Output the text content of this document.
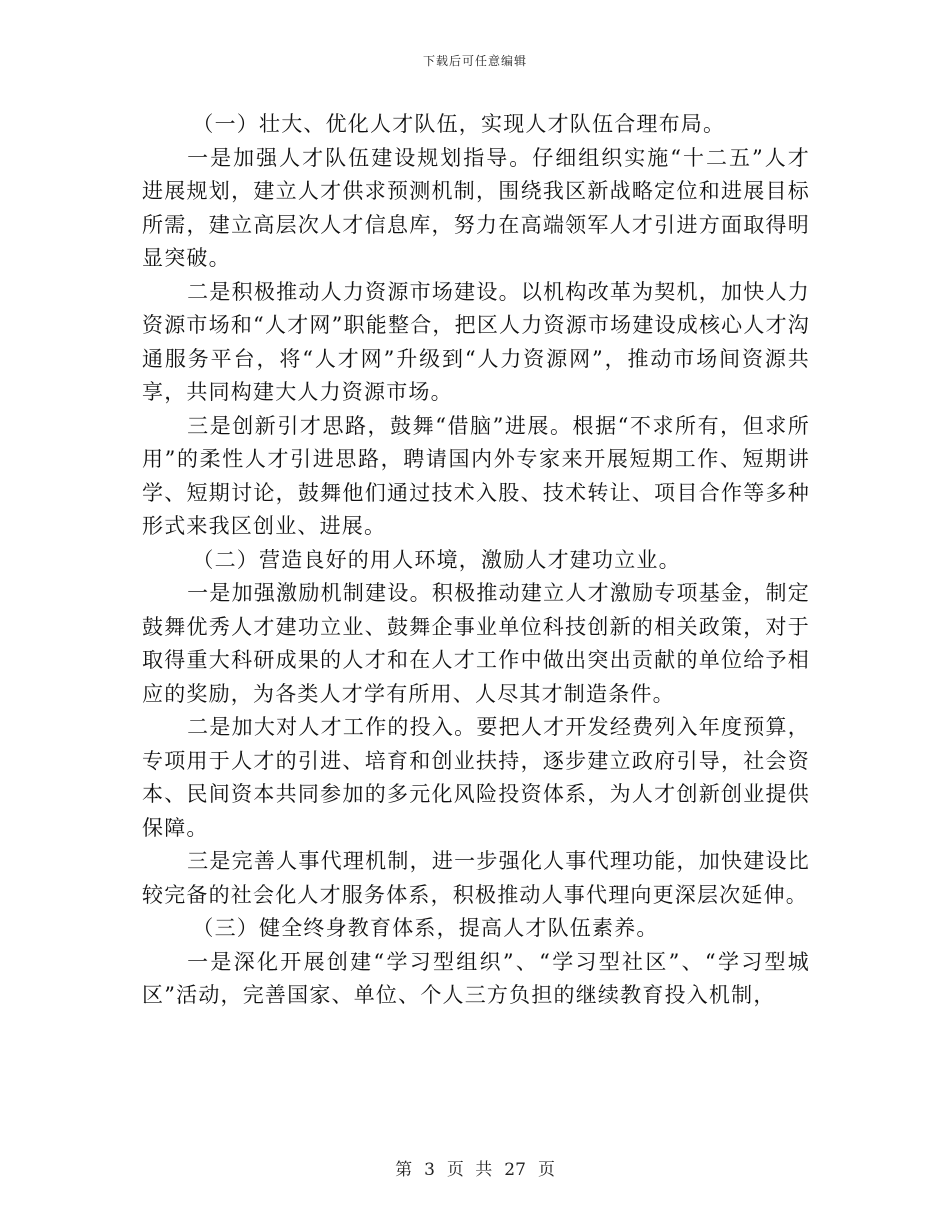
下载后可任意编辑

（一）壮大、优化人才队伍，实现人才队伍合理布局。

一是加强人才队伍建设规划指导。仔细组织实施“十二五”人才进展规划，建立人才供求预测机制，围绕我区新战略定位和进展目标所需，建立高层次人才信息库，努力在高端领军人才引进方面取得明显突破。

二是积极推动人力资源市场建设。以机构改革为契机，加快人力资源市场和“人才网”职能整合，把区人力资源市场建设成核心人才沟通服务平台，将“人才网”升级到“人力资源网”，推动市场间资源共享，共同构建大人力资源市场。

三是创新引才思路，鼓舞“借脑”进展。根据“不求所有，但求所用”的柔性人才引进思路，聘请国内外专家来开展短期工作、短期讲学、短期讨论，鼓舞他们通过技术入股、技术转让、项目合作等多种形式来我区创业、进展。

（二）营造良好的用人环境，激励人才建功立业。

一是加强激励机制建设。积极推动建立人才激励专项基金，制定鼓舞优秀人才建功立业、鼓舞企事业单位科技创新的相关政策，对于取得重大科研成果的人才和在人才工作中做出突出贡献的单位给予相应的奖励，为各类人才学有所用、人尽其才制造条件。

二是加大对人才工作的投入。要把人才开发经费列入年度预算，专项用于人才的引进、培育和创业扶持，逐步建立政府引导，社会资本、民间资本共同参加的多元化风险投资体系，为人才创新创业提供保障。

三是完善人事代理机制，进一步强化人事代理功能，加快建设比较完备的社会化人才服务体系，积极推动人事代理向更深层次延伸。

（三）健全终身教育体系，提高人才队伍素养。

一是深化开展创建“学习型组织”、“学习型社区”、“学习型城区”活动，完善国家、单位、个人三方负担的继续教育投入机制，

第 3 页 共 27 页
